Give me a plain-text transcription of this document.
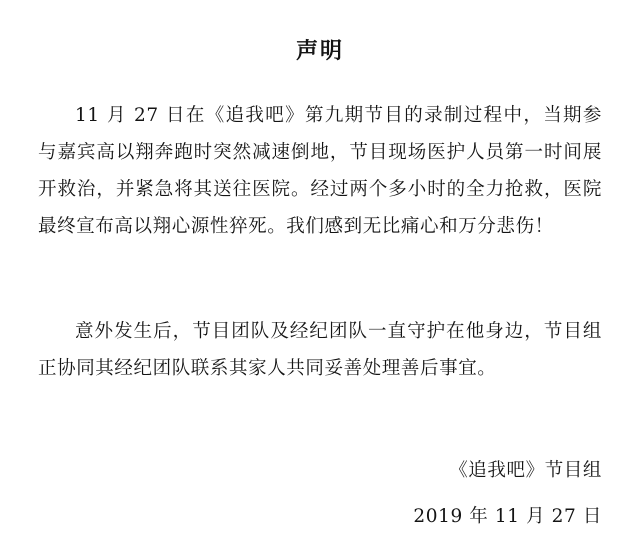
声明

11 月 27 日在《追我吧》第九期节目的录制过程中，当期参与嘉宾高以翔奔跑时突然减速倒地，节目现场医护人员第一时间展开救治，并紧急将其送往医院。经过两个多小时的全力抢救，医院最终宣布高以翔心源性猝死。我们感到无比痛心和万分悲伤！

意外发生后，节目团队及经纪团队一直守护在他身边，节目组正协同其经纪团队联系其家人共同妥善处理善后事宜。

《追我吧》节目组
2019 年 11 月 27 日
